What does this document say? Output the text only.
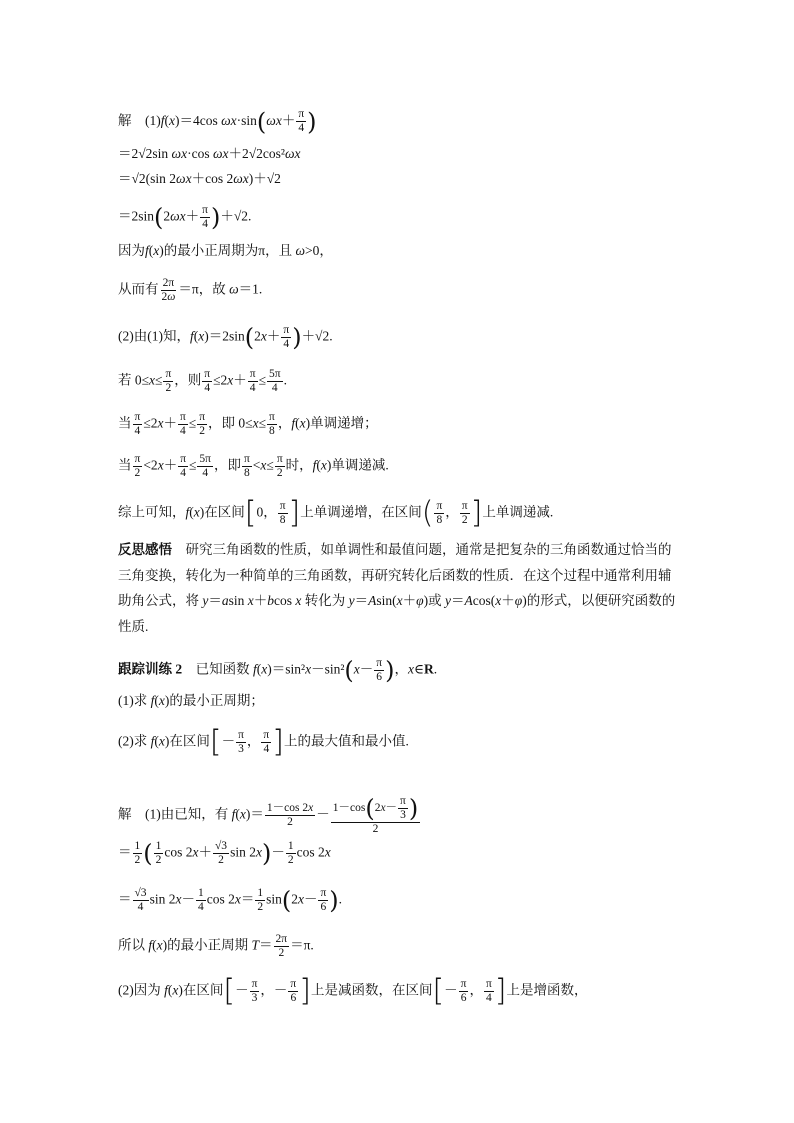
解　(1)f(x)＝4cos $\omega x\cdot\sin(\omega x+ \frac{\pi}{4}$ )
＝2√2sin ωx·cos ωx＋2√2cos²ωx
＝√2(sin 2ωx＋cos 2ωx)＋√2
$=2\sin(2\omega x+ \frac{\pi}{4} )+√2$.
因为f(x)的最小正周期为π，且 ω>0，
从而有 $\frac{2\pi}{2\omega} =\pi$，故 ω＝1.
(2)由(1)知，$f(x)=2\sin(2x+ \frac{\pi}{4} )+√2$.
若 $0\le x\le \frac{\pi}{2}$ ，则 $\frac{\pi}{4} \le 2x+ \frac{\pi}{4} \le \frac{5\pi}{4}$ .
当 $\frac{\pi}{4} \le 2x+ \frac{\pi}{4} \le \frac{\pi}{2}$ ，即 $0\le x\le \frac{\pi}{8}$ ，f(x)单调递增；
当 $\frac{\pi}{2} <2x+ \frac{\pi}{4} \le \frac{5\pi}{4}$ ，即 $\frac{\pi}{8} <x\le \frac{\pi}{2}$ 时，f(x)单调递减.
综上可知，f(x)在区间[0， $\frac{\pi}{8}$ ]上单调递增，在区间( $\frac{\pi}{8}$ ， $\frac{\pi}{2}$ ]上单调递减.
反思感悟　研究三角函数的性质，如单调性和最值问题，通常是把复杂的三角函数通过恰当的三角变换，转化为一种简单的三角函数，再研究转化后函数的性质．在这个过程中通常利用辅助角公式，将 y＝asin x＋bcos x 转化为 y＝Asin(x＋φ)或 y＝Acos(x＋φ)的形式，以便研究函数的性质.
跟踪训练 2　已知函数 $f(x)=\sin^2x-\sin^2(x- \frac{\pi}{6}$ )，x∈R.
(1)求 f(x)的最小正周期；
(2)求 f(x)在区间[－ $\frac{\pi}{3}$ ， $\frac{\pi}{4}$ ]上的最大值和最小值.
解　(1)由已知，有 $f(x)= \frac{1-\cos 2x}{2} - \frac{1-\cos(2x- \frac{\pi}{3} )}{2}$
＝ $\frac{1}{2}$ ( $\frac{1}{2}$ $\cos 2x+ \frac{√3}{2}$ $\sin 2x)- \frac{1}{2}$ cos 2x
＝ $\frac{√3}{4}$ $\sin 2x- \frac{1}{4}$ $\cos 2x= \frac{1}{2} \sin(2x- \frac{\pi}{6}$ ).
所以 f(x)的最小正周期 $T= \frac{2\pi}{2} =\pi$.
(2)因为 f(x)在区间[－ $\frac{\pi}{3}$ ，－ $\frac{\pi}{6}$ ]上是减函数，在区间[－ $\frac{\pi}{6}$ ， $\frac{\pi}{4}$ ]上是增函数，
